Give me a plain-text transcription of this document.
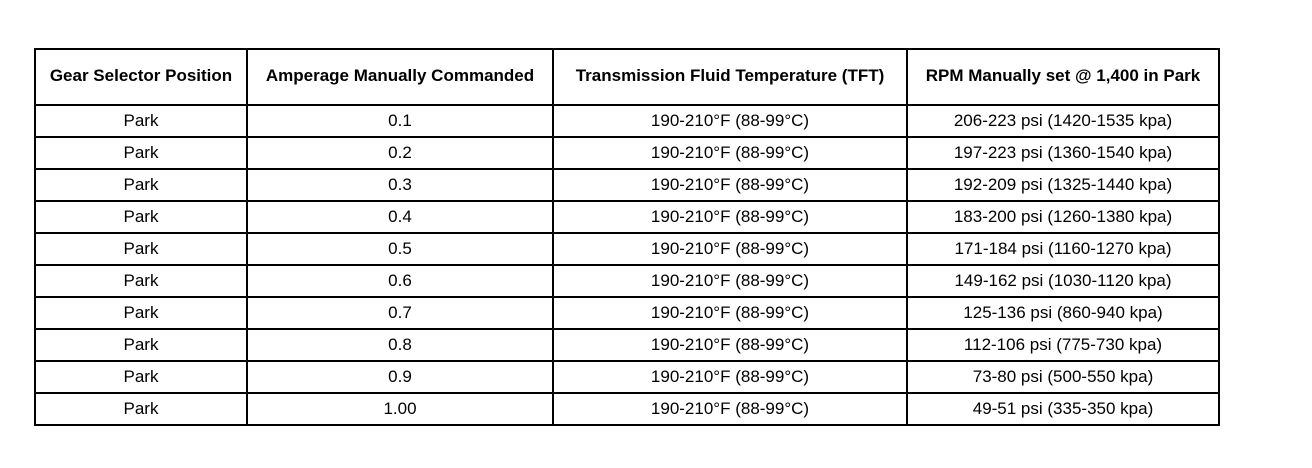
Gear Selector Position	Amperage Manually Commanded	Transmission Fluid Temperature (TFT)	RPM Manually set @ 1,400 in Park
Park	0.1	190-210°F (88-99°C)	206-223 psi (1420-1535 kpa)
Park	0.2	190-210°F (88-99°C)	197-223 psi (1360-1540 kpa)
Park	0.3	190-210°F (88-99°C)	192-209 psi (1325-1440 kpa)
Park	0.4	190-210°F (88-99°C)	183-200 psi (1260-1380 kpa)
Park	0.5	190-210°F (88-99°C)	171-184 psi (1160-1270 kpa)
Park	0.6	190-210°F (88-99°C)	149-162 psi (1030-1120 kpa)
Park	0.7	190-210°F (88-99°C)	125-136 psi (860-940 kpa)
Park	0.8	190-210°F (88-99°C)	112-106 psi (775-730 kpa)
Park	0.9	190-210°F (88-99°C)	73-80 psi (500-550 kpa)
Park	1.00	190-210°F (88-99°C)	49-51 psi (335-350 kpa)
